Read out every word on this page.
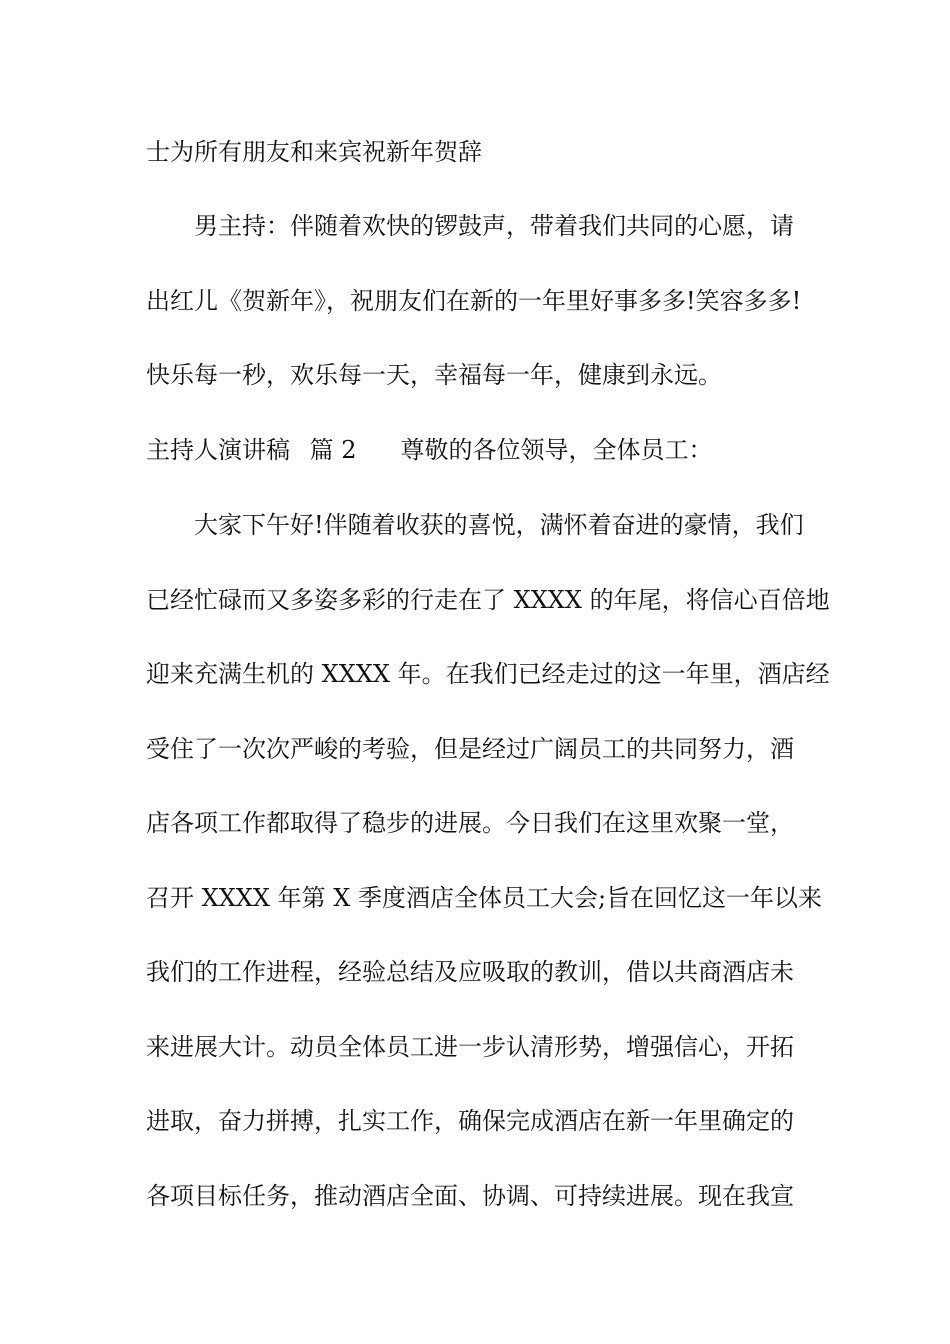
士为所有朋友和来宾祝新年贺辞
男主持：伴随着欢快的锣鼓声，带着我们共同的心愿，请
出红儿《贺新年》，祝朋友们在新的一年里好事多多!笑容多多!
快乐每一秒，欢乐每一天，幸福每一年，健康到永远。
主持人演讲稿 篇 2 尊敬的各位领导，全体员工：
大家下午好!伴随着收获的喜悦，满怀着奋进的豪情，我们
已经忙碌而又多姿多彩的行走在了 XXXX 的年尾，将信心百倍地
迎来充满生机的 XXXX 年。在我们已经走过的这一年里，酒店经
受住了一次次严峻的考验，但是经过广阔员工的共同努力，酒
店各项工作都取得了稳步的进展。今日我们在这里欢聚一堂，
召开 XXXX 年第 X 季度酒店全体员工大会;旨在回忆这一年以来
我们的工作进程，经验总结及应吸取的教训，借以共商酒店未
来进展大计。动员全体员工进一步认清形势，增强信心，开拓
进取，奋力拼搏，扎实工作，确保完成酒店在新一年里确定的
各项目标任务，推动酒店全面、协调、可持续进展。现在我宣
